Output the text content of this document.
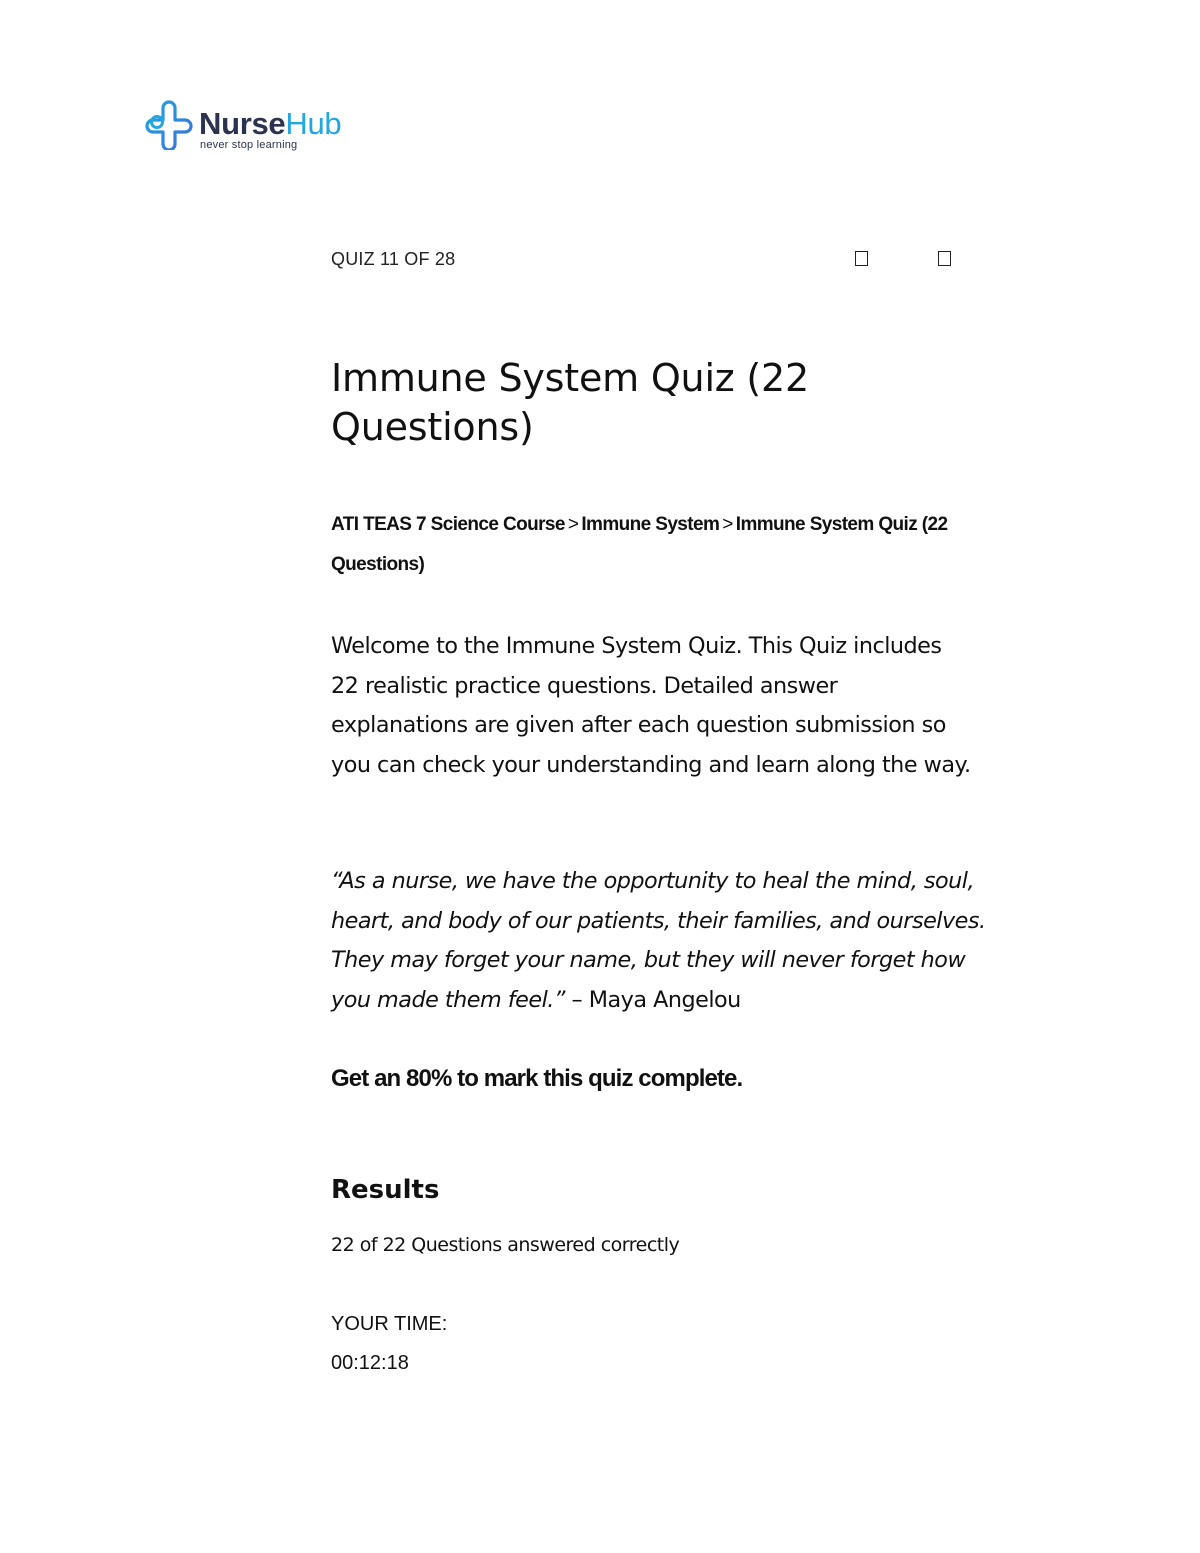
NurseHub
never stop learning
QUIZ 11 OF 28
Immune System Quiz (22 Questions)
ATI TEAS 7 Science Course > Immune System > Immune System Quiz (22 Questions)

Welcome to the Immune System Quiz. This Quiz includes 22 realistic practice questions. Detailed answer explanations are given after each question submission so you can check your understanding and learn along the way.

“As a nurse, we have the opportunity to heal the mind, soul, heart, and body of our patients, their families, and ourselves. They may forget your name, but they will never forget how you made them feel.” – Maya Angelou

Get an 80% to mark this quiz complete.

Results
22 of 22 Questions answered correctly
YOUR TIME:
00:12:18
